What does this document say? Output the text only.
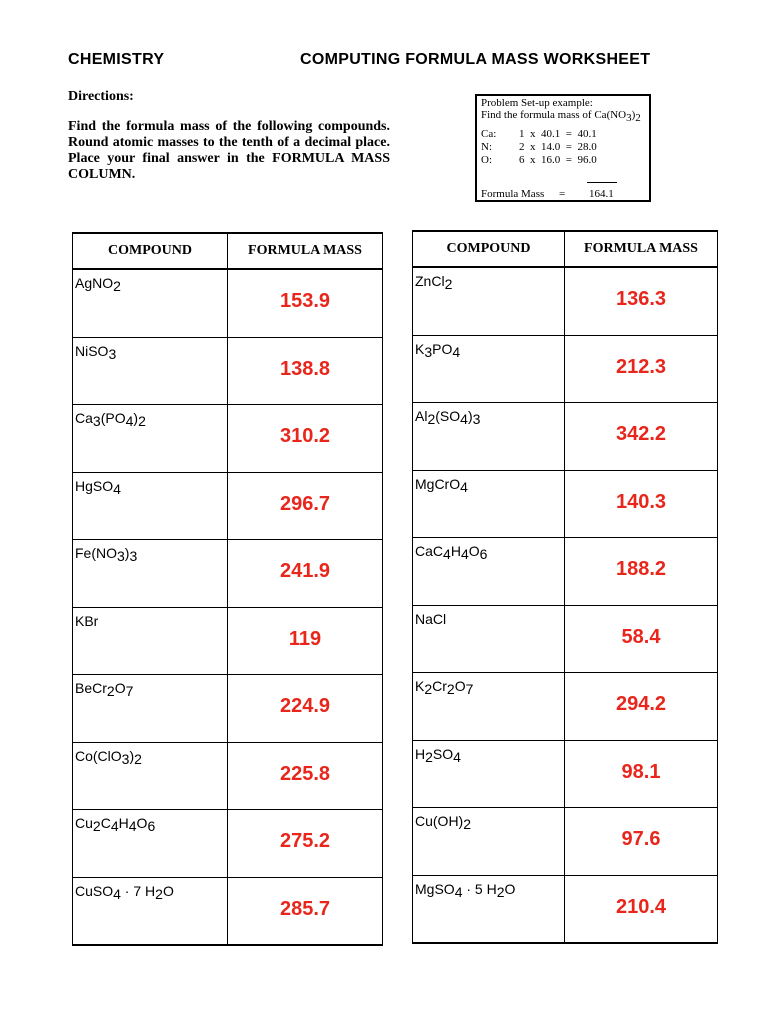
CHEMISTRY	COMPUTING FORMULA MASS WORKSHEET
Directions:
Find the formula mass of the following compounds. Round atomic masses to the tenth of a decimal place. Place your final answer in the FORMULA MASS COLUMN.
Problem Set-up example:
Find the formula mass of $Ca(NO_3)_2$
Ca:	1  x  40.1  =  40.1
N:	2  x  14.0  =  28.0
O:	6  x  16.0  =  96.0
Formula Mass	=	164.1
COMPOUND	FORMULA MASS
AgNO$_2$	153.9

NiSO$_3$	138.8

$Ca_3(PO_4)_2$	310.2

HgSO$_4$	296.7

$Fe(NO_3)_3$	241.9

KBr	119

$BeCr_2O_7$	224.9

$Co(ClO_3)_2$	225.8

$Cu_2C_4H_4O_6$	275.2

CuSO$_4$ · 7 $H_2O$	285.7
COMPOUND	FORMULA MASS
ZnCl$_2$	136.3

$K_3PO_4$	212.3

$Al_2(SO_4)_3$	342.2

MgCrO$_4$	140.3

$CaC_4H_4O_6$	188.2

NaCl	58.4

$K_2Cr_2O_7$	294.2

$H_2SO_4$	98.1

$Cu(OH)_2$	97.6

MgSO$_4$ · 5 $H_2O$	210.4
